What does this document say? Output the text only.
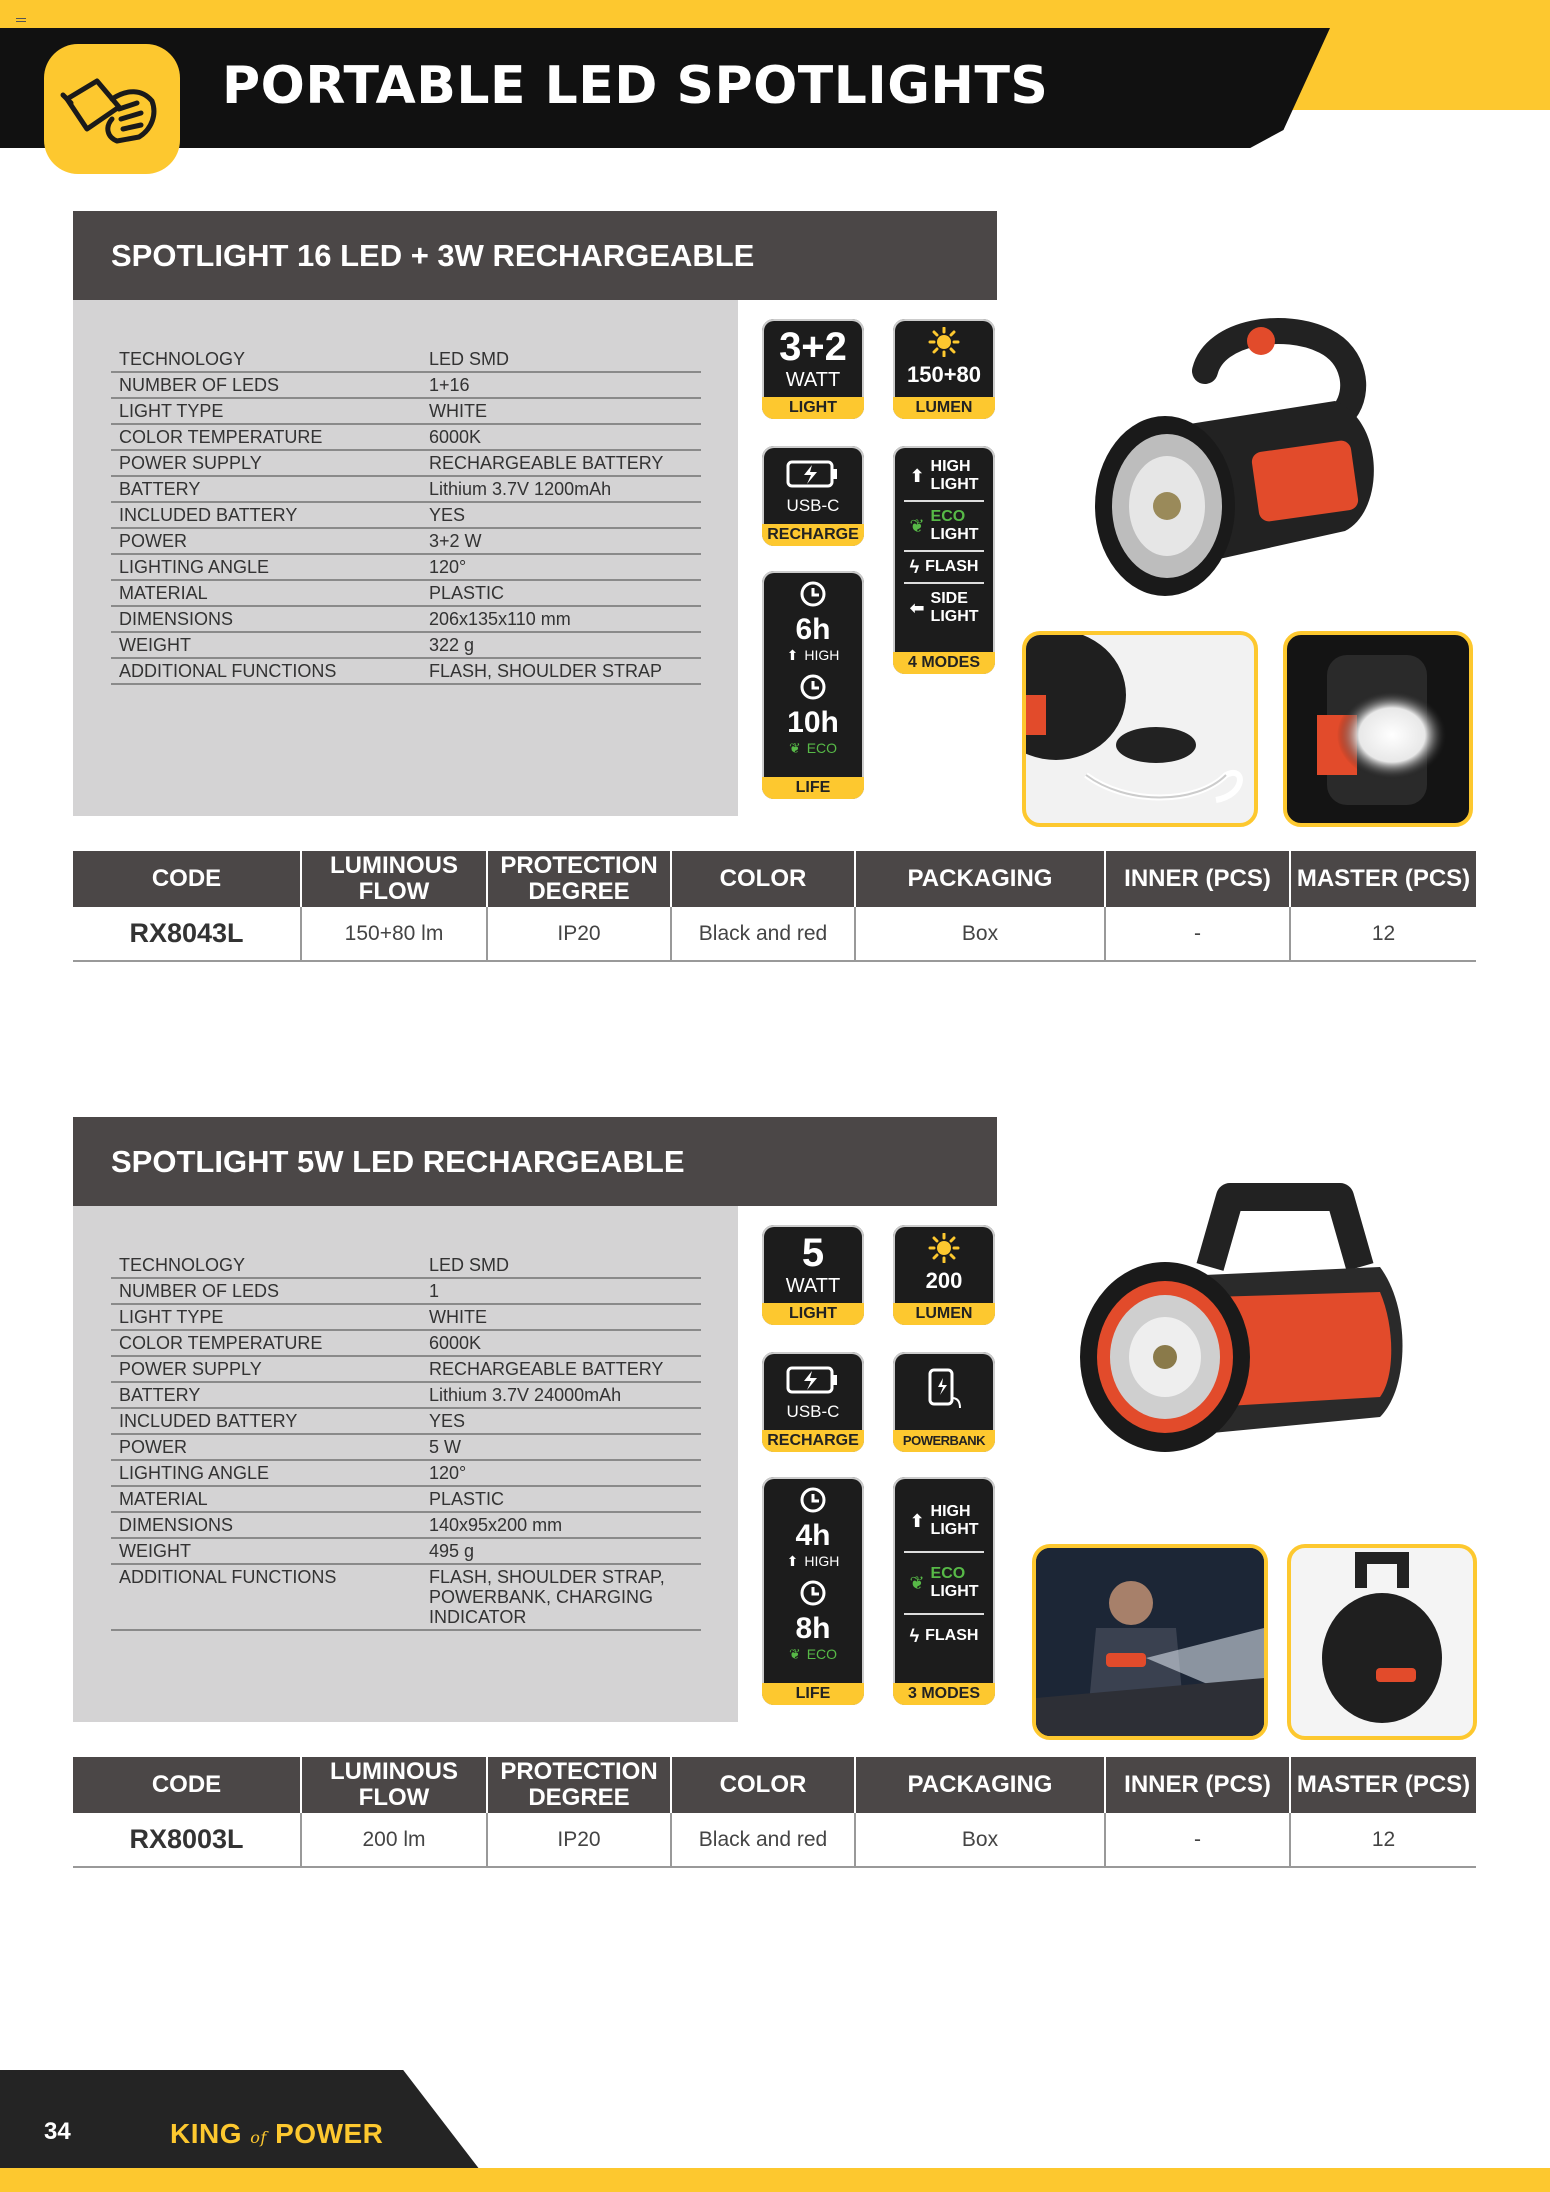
PORTABLE LED SPOTLIGHTS
SPOTLIGHT 16 LED + 3W RECHARGEABLE
TECHNOLOGY	LED SMD
NUMBER OF LEDS	1+16
LIGHT TYPE	WHITE
COLOR TEMPERATURE	6000K
POWER SUPPLY	RECHARGEABLE BATTERY
BATTERY	Lithium 3.7V 1200mAh
INCLUDED BATTERY	YES
POWER	3+2 W
LIGHTING ANGLE	120°
MATERIAL	PLASTIC
DIMENSIONS	206x135x110 mm
WEIGHT	322 g
ADDITIONAL FUNCTIONS	FLASH, SHOULDER STRAP
3+2
WATT
LIGHT
150+80
LUMEN
USB-C
RECHARGE
⬆ HIGH
LIGHT
❦ ECO
LIGHT
ϟ FLASH
⬅ SIDE
LIGHT
4 MODES
6h
⬆ HIGH
10h
❦ ECO
LIFE
CODE	LUMINOUS FLOW	PROTECTION DEGREE	COLOR	PACKAGING	INNER (PCS)	MASTER (PCS)
RX8043L	150+80 lm	IP20	Black and red	Box	-	12
SPOTLIGHT 5W LED RECHARGEABLE
TECHNOLOGY	LED SMD
NUMBER OF LEDS	1
LIGHT TYPE	WHITE
COLOR TEMPERATURE	6000K
POWER SUPPLY	RECHARGEABLE BATTERY
BATTERY	Lithium 3.7V 24000mAh
INCLUDED BATTERY	YES
POWER	5 W
LIGHTING ANGLE	120°
MATERIAL	PLASTIC
DIMENSIONS	140x95x200 mm
WEIGHT	495 g
ADDITIONAL FUNCTIONS	FLASH, SHOULDER STRAP, POWERBANK, CHARGING INDICATOR
5
WATT
LIGHT
200
LUMEN
USB-C
RECHARGE	POWERBANK
4h
⬆ HIGH
8h
❦ ECO
LIFE
⬆ HIGH
LIGHT
❦ ECO
LIGHT
ϟ FLASH
3 MODES
CODE	LUMINOUS FLOW	PROTECTION DEGREE	COLOR	PACKAGING	INNER (PCS)	MASTER (PCS)
RX8003L	200 lm	IP20	Black and red	Box	-	12
34	KING of POWER
